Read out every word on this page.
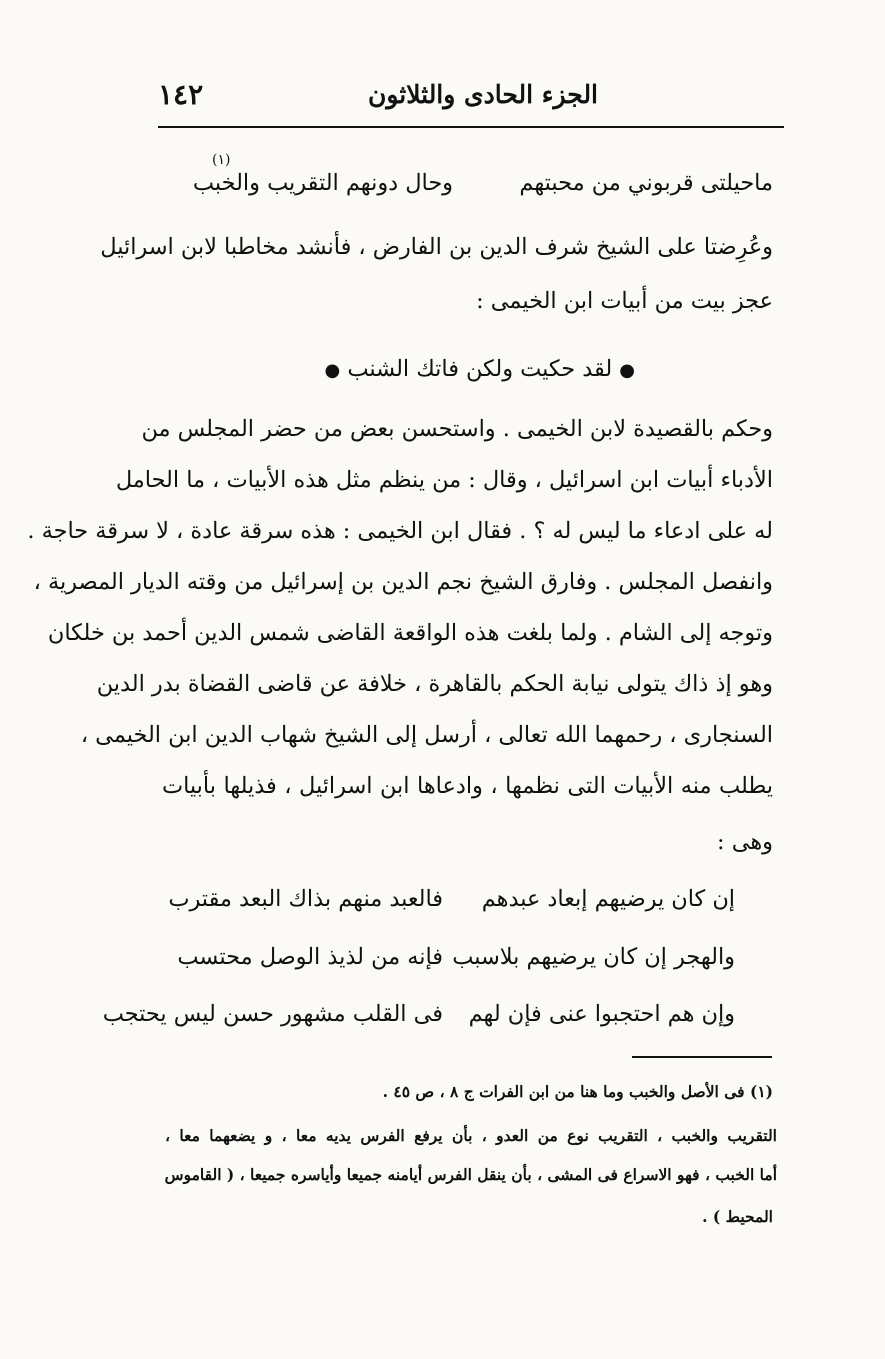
١٤٢	الجزء الحادى والثلاثون
ماحيلتى قربوني من محبتهم
وحال دونهم التقريب والخبب
(١)
وعُرِضتا على الشيخ شرف الدين بن الفارض ، فأنشد مخاطبا لابن اسرائيل
عجز بيت من أبيات ابن الخيمى :
● لقد حكيت ولكن فاتك الشنب ●
وحكم بالقصيدة لابن الخيمى . واستحسن بعض من حضر المجلس من
الأدباء أبيات ابن اسرائيل ، وقال : من ينظم مثل هذه الأبيات ، ما الحامل
له على ادعاء ما ليس له ؟ . فقال ابن الخيمى : هذه سرقة عادة ، لا سرقة حاجة .
وانفصل المجلس . وفارق الشيخ نجم الدين بن إسرائيل من وقته الديار المصرية ،
وتوجه إلى الشام . ولما بلغت هذه الواقعة القاضى شمس الدين أحمد بن خلكان
وهو إذ ذاك يتولى نيابة الحكم بالقاهرة ، خلافة عن قاضى القضاة بدر الدين
السنجارى ، رحمهما الله تعالى ، أرسل إلى الشيخ شهاب الدين ابن الخيمى ،
يطلب منه الأبيات التى نظمها ، وادعاها ابن اسرائيل ، فذيلها بأبيات
وهى :
إن كان يرضيهم إبعاد عبدهم
فالعبد منهم بذاك البعد مقترب
والهجر إن كان يرضيهم بلاسبب
فإنه من لذيذ الوصل محتسب
وإن هم احتجبوا عنى فإن لهم
فى القلب مشهور حسن ليس يحتجب
(١) فى الأصل والخبب وما هنا من ابن الفرات ج ٨ ، ص ٤٥ .
التقريب والخبب ، التقريب نوع من العدو ، بأن يرفع الفرس يديه معا ، و يضعهما معا ،
أما الخبب ، فهو الاسراع فى المشى ، بأن ينقل الفرس أيامنه جميعا وأياسره جميعا ، ( القاموس
المحيط ) .
